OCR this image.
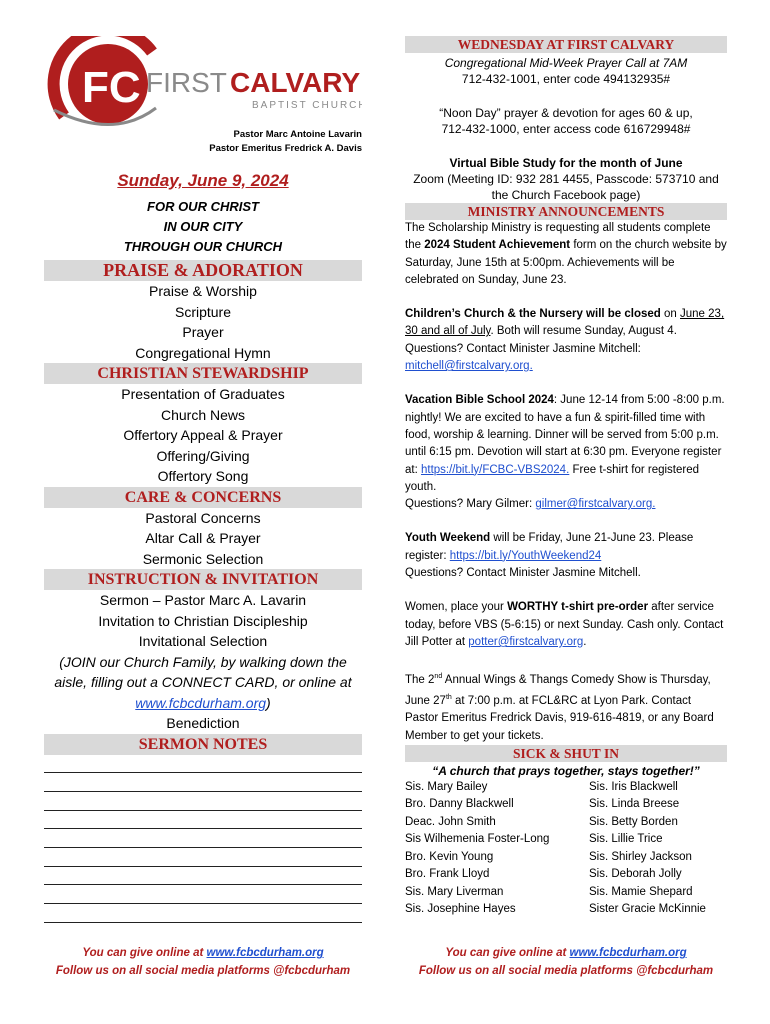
FC FIRST CALVARY
BAPTIST CHURCH
Pastor Marc Antoine Lavarin
Pastor Emeritus Fredrick A. Davis
Sunday, June 9, 2024
FOR OUR CHRIST
IN OUR CITY
THROUGH OUR CHURCH
PRAISE & ADORATION
Praise & Worship
Scripture
Prayer
Congregational Hymn
CHRISTIAN STEWARDSHIP
Presentation of Graduates
Church News
Offertory Appeal & Prayer
Offering/Giving
Offertory Song
CARE & CONCERNS
Pastoral Concerns
Altar Call & Prayer
Sermonic Selection
INSTRUCTION & INVITATION
Sermon – Pastor Marc A. Lavarin
Invitation to Christian Discipleship
Invitational Selection
(JOIN our Church Family, by walking down the aisle, filling out a CONNECT CARD, or online at www.fcbcdurham.org)
Benediction
SERMON NOTES
WEDNESDAY AT FIRST CALVARY
Congregational Mid-Week Prayer Call at 7AM
712-432-1001, enter code 494132935#
“Noon Day” prayer & devotion for ages 60 & up,
712-432-1000, enter access code 616729948#
Virtual Bible Study for the month of June
Zoom (Meeting ID: 932 281 4455, Passcode: 573710 and
the Church Facebook page)
MINISTRY ANNOUNCEMENTS

The Scholarship Ministry is requesting all students complete the 2024 Student Achievement form on the church website by Saturday, June 15th at 5:00pm. Achievements will be celebrated on Sunday, June 23.

Children’s Church & the Nursery will be closed on June 23, 30 and all of July. Both will resume Sunday, August 4. Questions? Contact Minister Jasmine Mitchell: mitchell@firstcalvary.org.

Vacation Bible School 2024: June 12-14 from 5:00 -8:00 p.m. nightly! We are excited to have a fun & spirit-filled time with food, worship & learning. Dinner will be served from 5:00 p.m. until 6:15 pm. Devotion will start at 6:30 pm. Everyone register at: https://bit.ly/FCBC-VBS2024. Free t-shirt for registered youth.
Questions? Mary Gilmer: gilmer@firstcalvary.org.

Youth Weekend will be Friday, June 21-June 23. Please register: https://bit.ly/YouthWeekend24
Questions? Contact Minister Jasmine Mitchell.

Women, place your WORTHY t-shirt pre-order after service today, before VBS (5-6:15) or next Sunday. Cash only. Contact Jill Potter at potter@firstcalvary.org.

The 2nd Annual Wings & Thangs Comedy Show is Thursday, June 27th at 7:00 p.m. at FCL&RC at Lyon Park. Contact Pastor Emeritus Fredrick Davis, 919-616-4819, or any Board Member to get your tickets.

SICK & SHUT IN
“A church that prays together, stays together!”
Sis. Mary Bailey
Bro. Danny Blackwell
Deac. John Smith
Sis Wilhemenia Foster-Long
Bro. Kevin Young
Bro. Frank Lloyd
Sis. Mary Liverman
Sis. Josephine Hayes
Sis. Iris Blackwell
Sis. Linda Breese
Sis. Betty Borden
Sis. Lillie Trice
Sis. Shirley Jackson
Sis. Deborah Jolly
Sis. Mamie Shepard
Sister Gracie McKinnie
You can give online at www.fcbcdurham.org
Follow us on all social media platforms @fcbcdurham
You can give online at www.fcbcdurham.org
Follow us on all social media platforms @fcbcdurham
